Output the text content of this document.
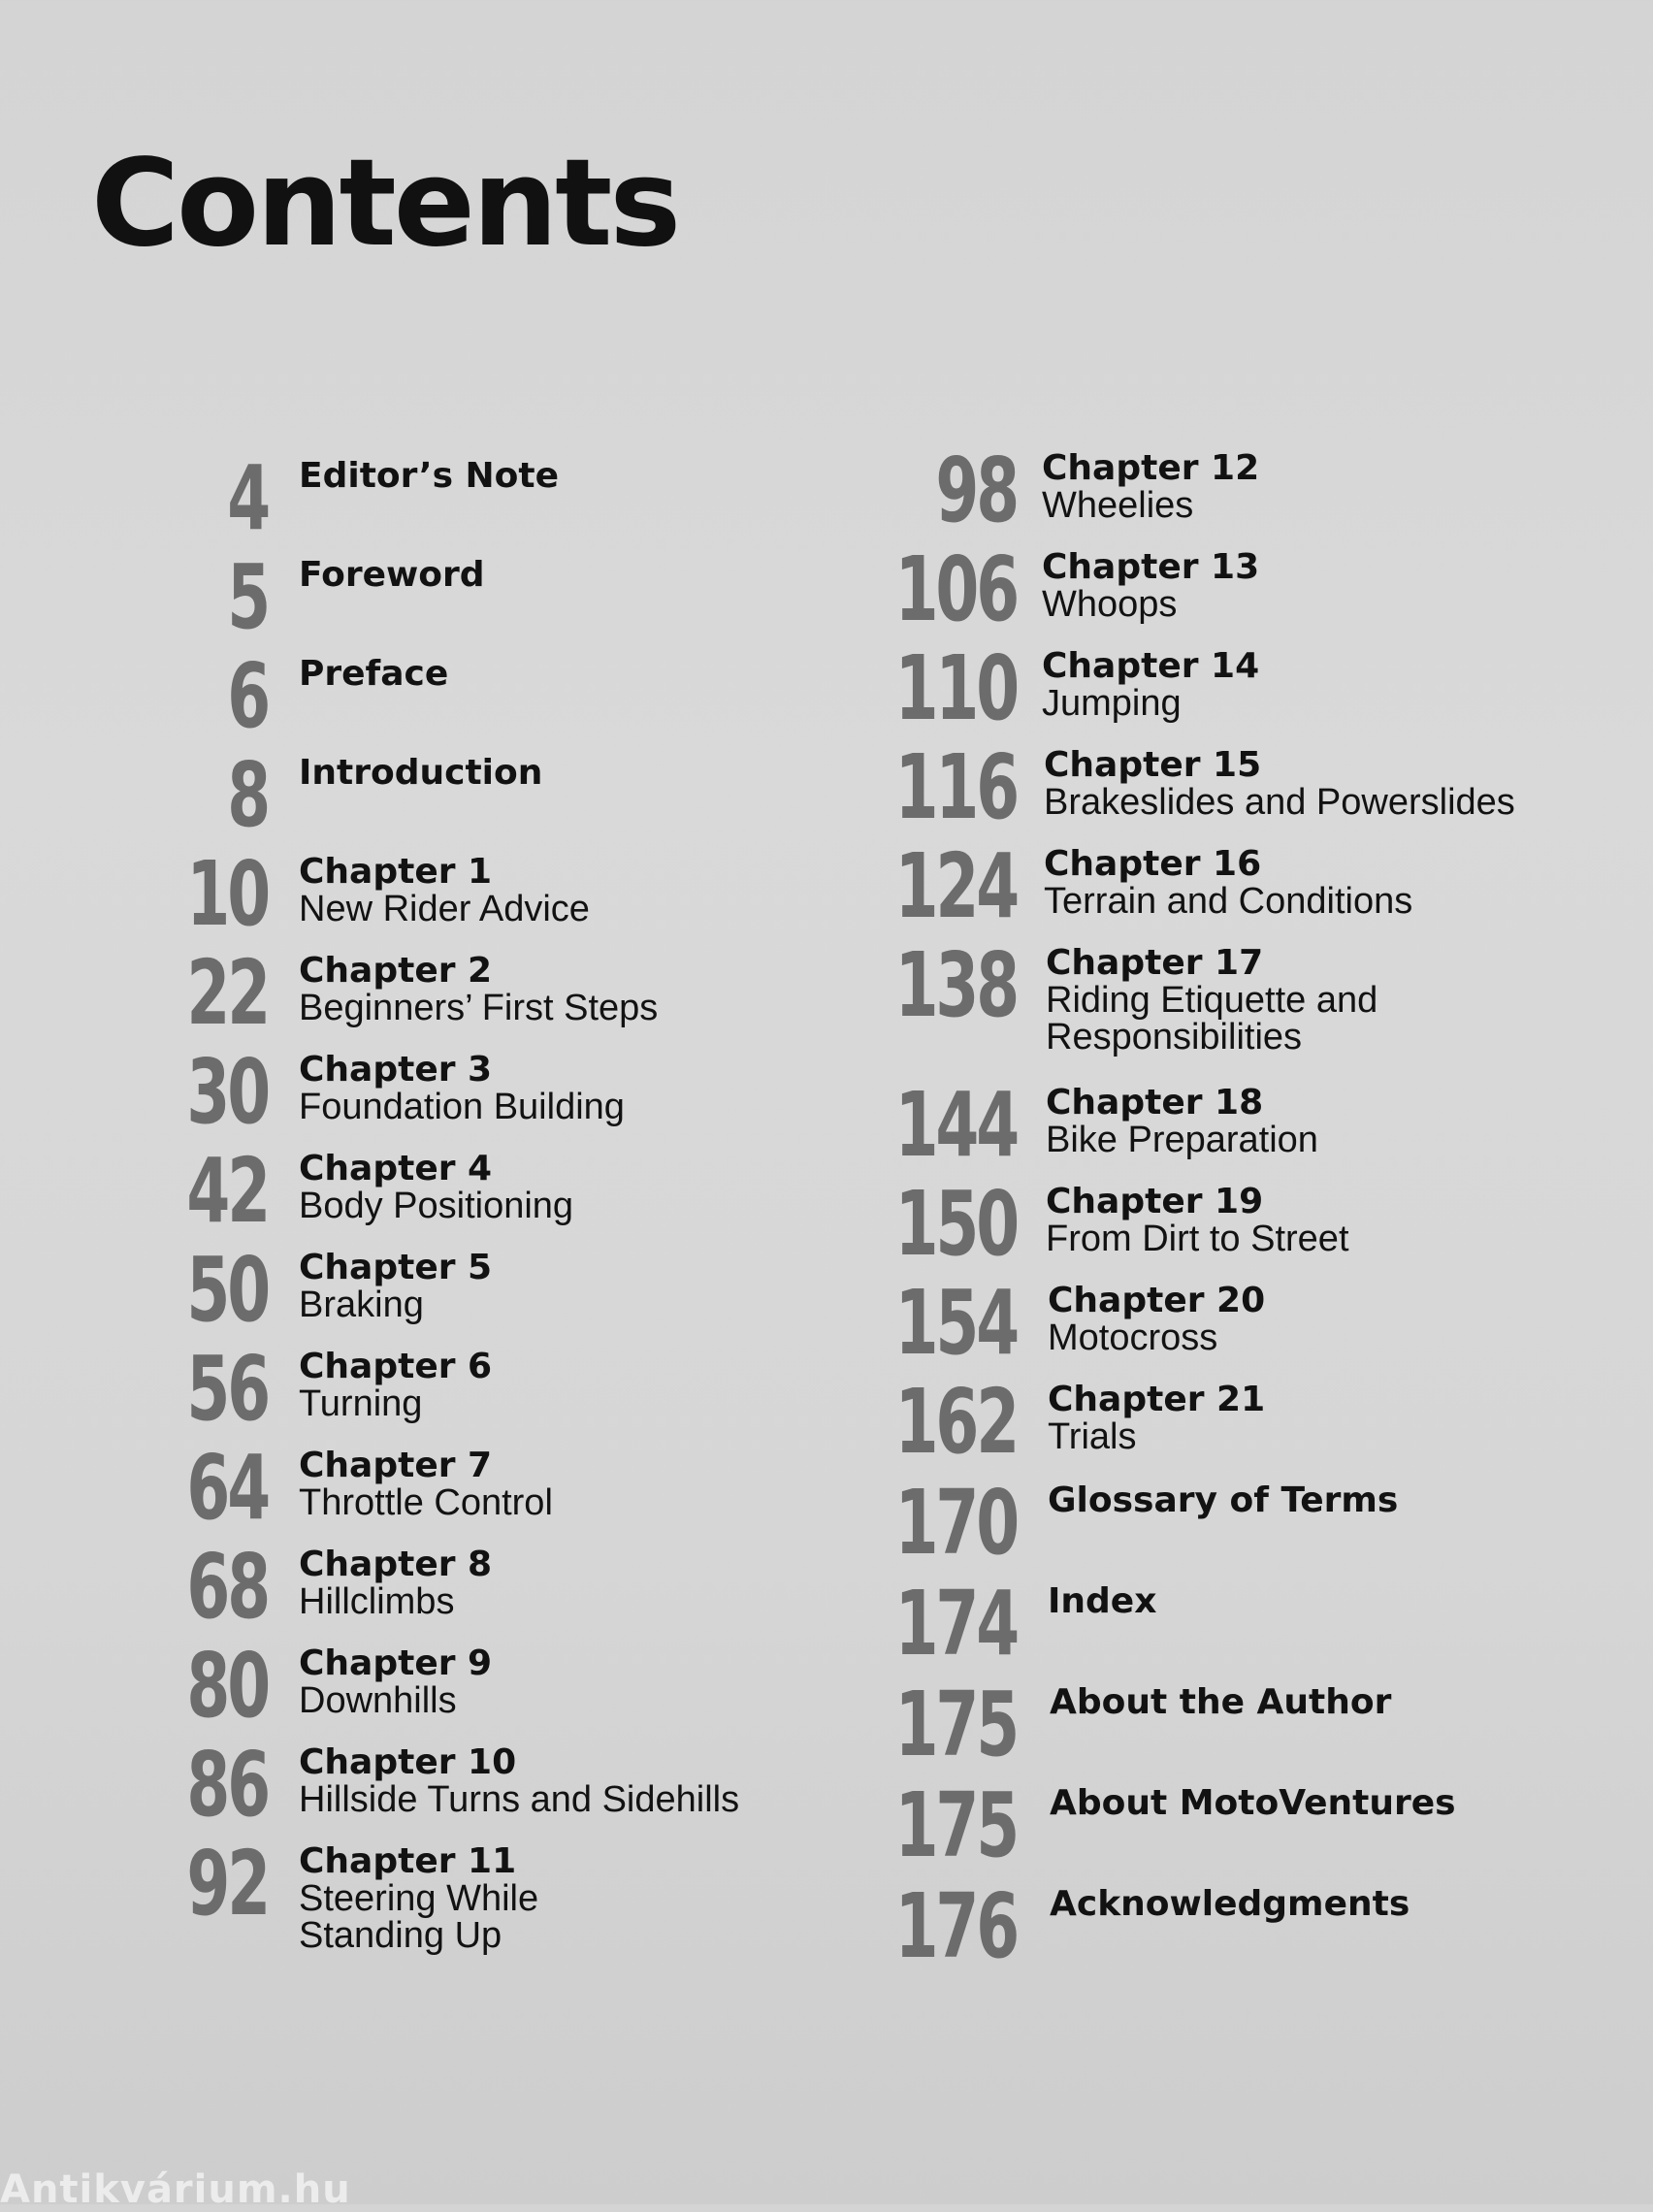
Contents
4 Editor’s Note
5 Foreword
6 Preface
8 Introduction
10 Chapter 1
New Rider Advice
22 Chapter 2
Beginners’ First Steps
30 Chapter 3
Foundation Building
42 Chapter 4
Body Positioning
50 Chapter 5
Braking
56 Chapter 6
Turning
64 Chapter 7
Throttle Control
68 Chapter 8
Hillclimbs
80 Chapter 9
Downhills
86 Chapter 10
Hillside Turns and Sidehills
92 Chapter 11
Steering While
Standing Up
98 Chapter 12
Wheelies
106 Chapter 13
Whoops
110 Chapter 14
Jumping
116 Chapter 15
Brakeslides and Powerslides
124 Chapter 16
Terrain and Conditions
138 Chapter 17
Riding Etiquette and
Responsibilities
144 Chapter 18
Bike Preparation
150 Chapter 19
From Dirt to Street
154 Chapter 20
Motocross
162 Chapter 21
Trials
170 Glossary of Terms
174 Index
175 About the Author
175 About MotoVentures
176 Acknowledgments
Antikvárium.hu
